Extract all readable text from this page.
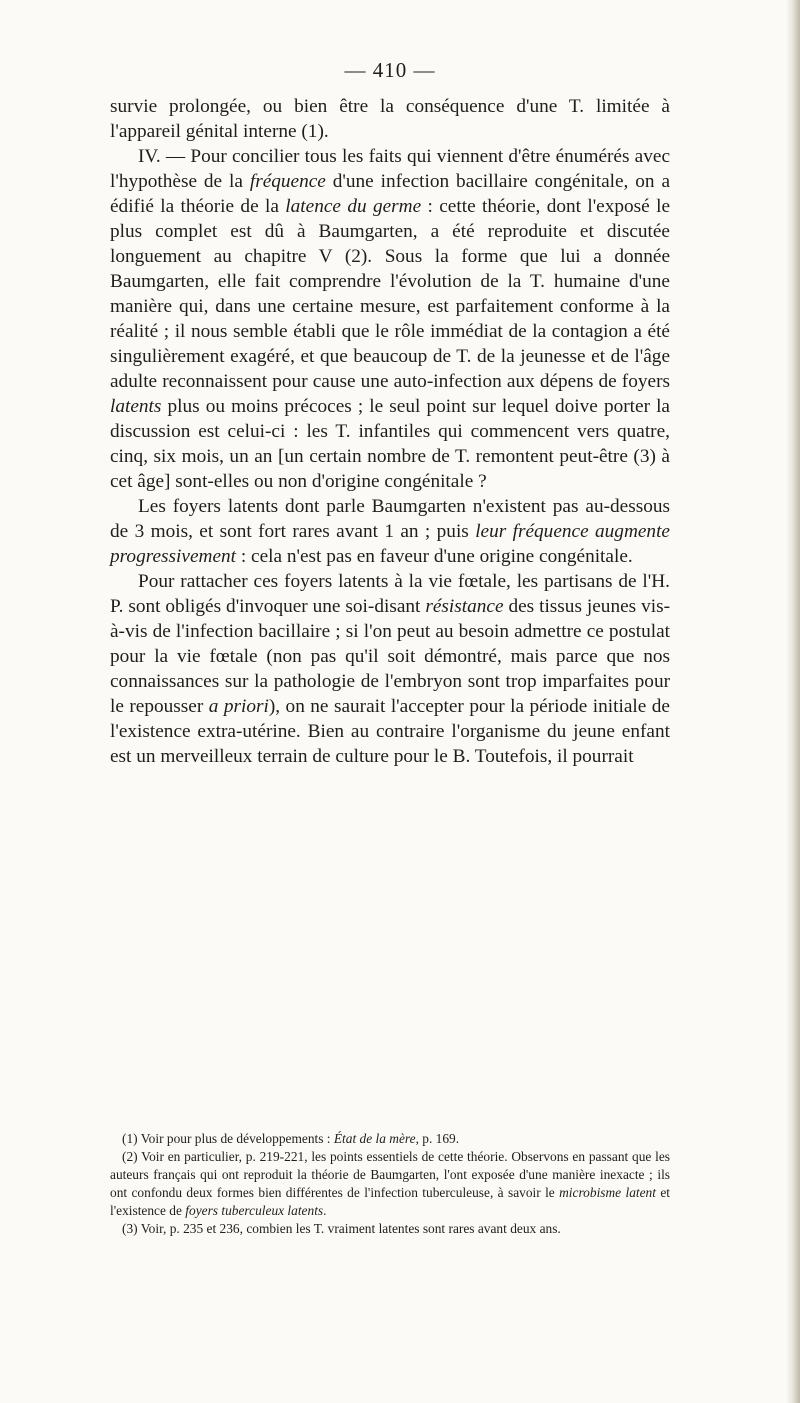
— 410 —

survie prolongée, ou bien être la conséquence d'une T. limitée à l'appareil génital interne (1).

IV. — Pour concilier tous les faits qui viennent d'être énumérés avec l'hypothèse de la fréquence d'une infection bacillaire congénitale, on a édifié la théorie de la latence du germe : cette théorie, dont l'exposé le plus complet est dû à Baumgarten, a été reproduite et discutée longuement au chapitre V (2). Sous la forme que lui a donnée Baumgarten, elle fait comprendre l'évolution de la T. humaine d'une manière qui, dans une certaine mesure, est parfaitement conforme à la réalité ; il nous semble établi que le rôle immédiat de la contagion a été singulièrement exagéré, et que beaucoup de T. de la jeunesse et de l'âge adulte reconnaissent pour cause une auto-infection aux dépens de foyers latents plus ou moins précoces ; le seul point sur lequel doive porter la discussion est celui-ci : les T. infantiles qui commencent vers quatre, cinq, six mois, un an [un certain nombre de T. remontent peut-être (3) à cet âge] sont-elles ou non d'origine congénitale ?

Les foyers latents dont parle Baumgarten n'existent pas au-dessous de 3 mois, et sont fort rares avant 1 an ; puis leur fréquence augmente progressivement : cela n'est pas en faveur d'une origine congénitale.

Pour rattacher ces foyers latents à la vie fœtale, les partisans de l'H. P. sont obligés d'invoquer une soi-disant résistance des tissus jeunes vis-à-vis de l'infection bacillaire ; si l'on peut au besoin admettre ce postulat pour la vie fœtale (non pas qu'il soit démontré, mais parce que nos connaissances sur la pathologie de l'embryon sont trop imparfaites pour le repousser a priori), on ne saurait l'accepter pour la période initiale de l'existence extra-utérine. Bien au contraire l'organisme du jeune enfant est un merveilleux terrain de culture pour le B. Toutefois, il pourrait

(1) Voir pour plus de développements : État de la mère, p. 169.

(2) Voir en particulier, p. 219-221, les points essentiels de cette théorie. Observons en passant que les auteurs français qui ont reproduit la théorie de Baumgarten, l'ont exposée d'une manière inexacte ; ils ont confondu deux formes bien différentes de l'infection tuberculeuse, à savoir le microbisme latent et l'existence de foyers tuberculeux latents.

(3) Voir, p. 235 et 236, combien les T. vraiment latentes sont rares avant deux ans.
